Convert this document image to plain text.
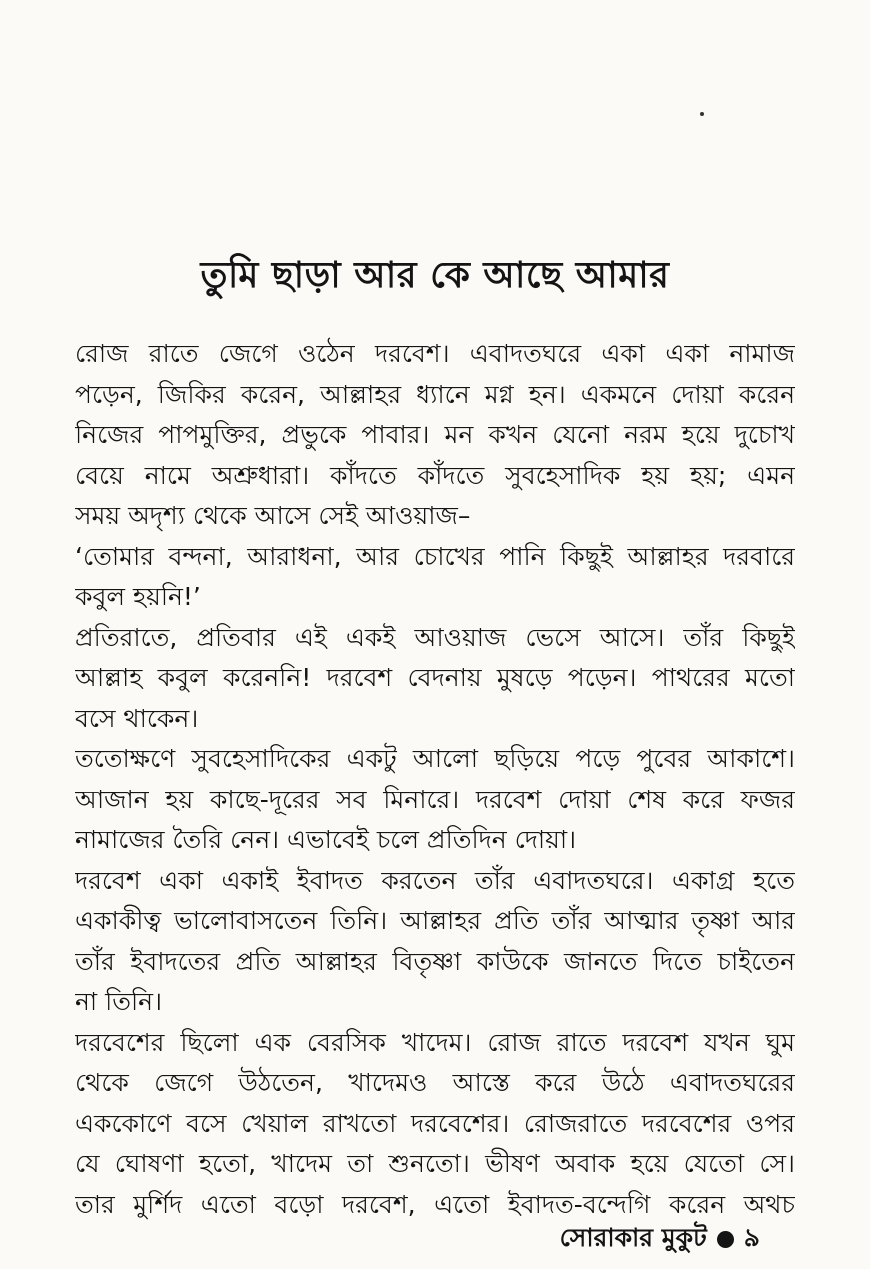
তুমি ছাড়া আর কে আছে আমার
রোজ রাতে জেগে ওঠেন দরবেশ। এবাদতঘরে একা একা নামাজ
পড়েন, জিকির করেন, আল্লাহর ধ্যানে মগ্ন হন। একমনে দোয়া করেন
নিজের পাপমুক্তির, প্রভুকে পাবার। মন কখন যেনো নরম হয়ে দুচোখ
বেয়ে নামে অশ্রুধারা। কাঁদতে কাঁদতে সুবহেসাদিক হয় হয়; এমন
সময় অদৃশ্য থেকে আসে সেই আওয়াজ–
‘তোমার বন্দনা, আরাধনা, আর চোখের পানি কিছুই আল্লাহর দরবারে
কবুল হয়নি!’
প্রতিরাতে, প্রতিবার এই একই আওয়াজ ভেসে আসে। তাঁর কিছুই
আল্লাহ কবুল করেননি! দরবেশ বেদনায় মুষড়ে পড়েন। পাথরের মতো
বসে থাকেন।
ততোক্ষণে সুবহেসাদিকের একটু আলো ছড়িয়ে পড়ে পুবের আকাশে।
আজান হয় কাছে-দূরের সব মিনারে। দরবেশ দোয়া শেষ করে ফজর
নামাজের তৈরি নেন। এভাবেই চলে প্রতিদিন দোয়া।
দরবেশ একা একাই ইবাদত করতেন তাঁর এবাদতঘরে। একাগ্র হতে
একাকীত্ব ভালোবাসতেন তিনি। আল্লাহর প্রতি তাঁর আত্মার তৃষ্ণা আর
তাঁর ইবাদতের প্রতি আল্লাহর বিতৃষ্ণা কাউকে জানতে দিতে চাইতেন
না তিনি।
দরবেশের ছিলো এক বেরসিক খাদেম। রোজ রাতে দরবেশ যখন ঘুম
থেকে জেগে উঠতেন, খাদেমও আস্তে করে উঠে এবাদতঘরের
এককোণে বসে খেয়াল রাখতো দরবেশের। রোজরাতে দরবেশের ওপর
যে ঘোষণা হতো, খাদেম তা শুনতো। ভীষণ অবাক হয়ে যেতো সে।
তার মুর্শিদ এতো বড়ো দরবেশ, এতো ইবাদত-বন্দেগি করেন অথচ
সোরাকার মুকুট ৯
